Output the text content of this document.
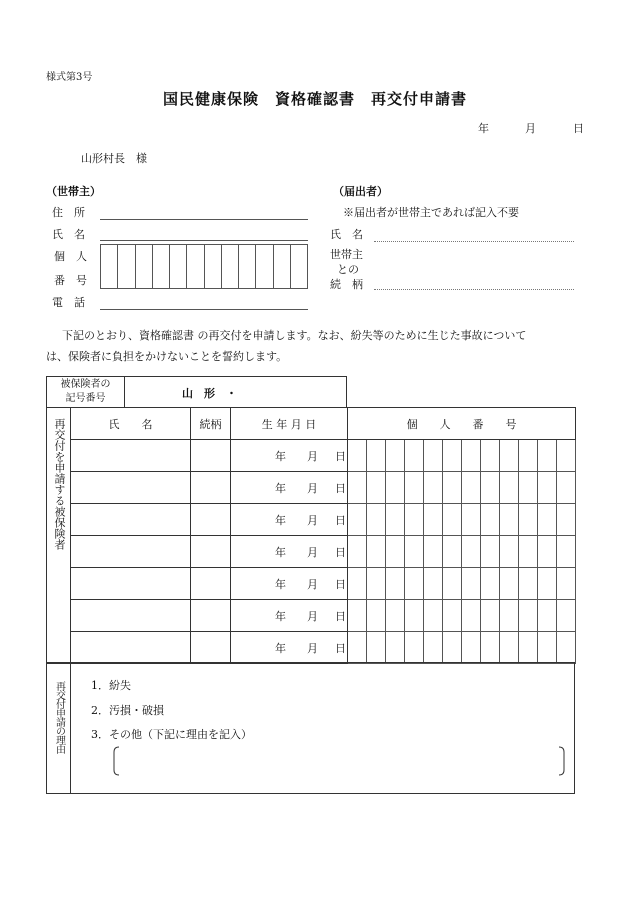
様式第3号
国民健康保険　資格確認書　再交付申請書
年	月	日
山形村長　様
（世帯主）
住　所
氏　名
個　人
番　号

電　話
（届出者）
※届出者が世帯主であれば記入不要
氏　名
世帯主
との
続　柄
下記のとおり、資格確認書 の再交付を申請します。なお、紛失等のために生じた事故について
は、保険者に負担をかけないことを誓約します。
被保険者の
記号番号	山　形　・
再交付を申請する被保険者	氏　　名	続柄	生 年 月 日	個　　人　　番　　号											
			年 月 日												
			年 月 日												
			年 月 日												
			年 月 日												
			年 月 日												
			年 月 日												
			年 月 日												
再交付申請の理由	1．紛失
2．汚損・破損
3．その他（下記に理由を記入）
